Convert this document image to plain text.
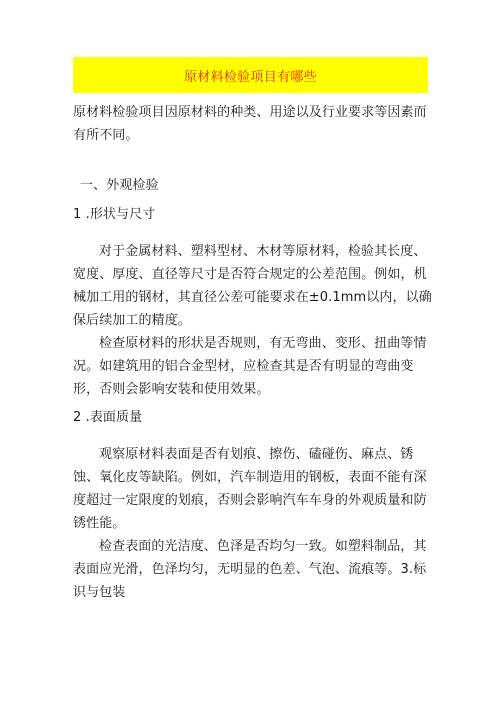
原材料检验项目有哪些

原材料检验项目因原材料的种类、用途以及行业要求等因素而有所不同。

一、外观检验

1 .形状与尺寸

对于金属材料、塑料型材、木材等原材料，检验其长度、宽度、厚度、直径等尺寸是否符合规定的公差范围。例如，机械加工用的钢材，其直径公差可能要求在±0.1mm以内，以确保后续加工的精度。

检查原材料的形状是否规则，有无弯曲、变形、扭曲等情况。如建筑用的铝合金型材，应检查其是否有明显的弯曲变形，否则会影响安装和使用效果。

2 .表面质量

观察原材料表面是否有划痕、擦伤、磕碰伤、麻点、锈蚀、氧化皮等缺陷。例如，汽车制造用的钢板，表面不能有深度超过一定限度的划痕，否则会影响汽车车身的外观质量和防锈性能。

检查表面的光洁度、色泽是否均匀一致。如塑料制品，其表面应光滑，色泽均匀，无明显的色差、气泡、流痕等。3.标识与包装
